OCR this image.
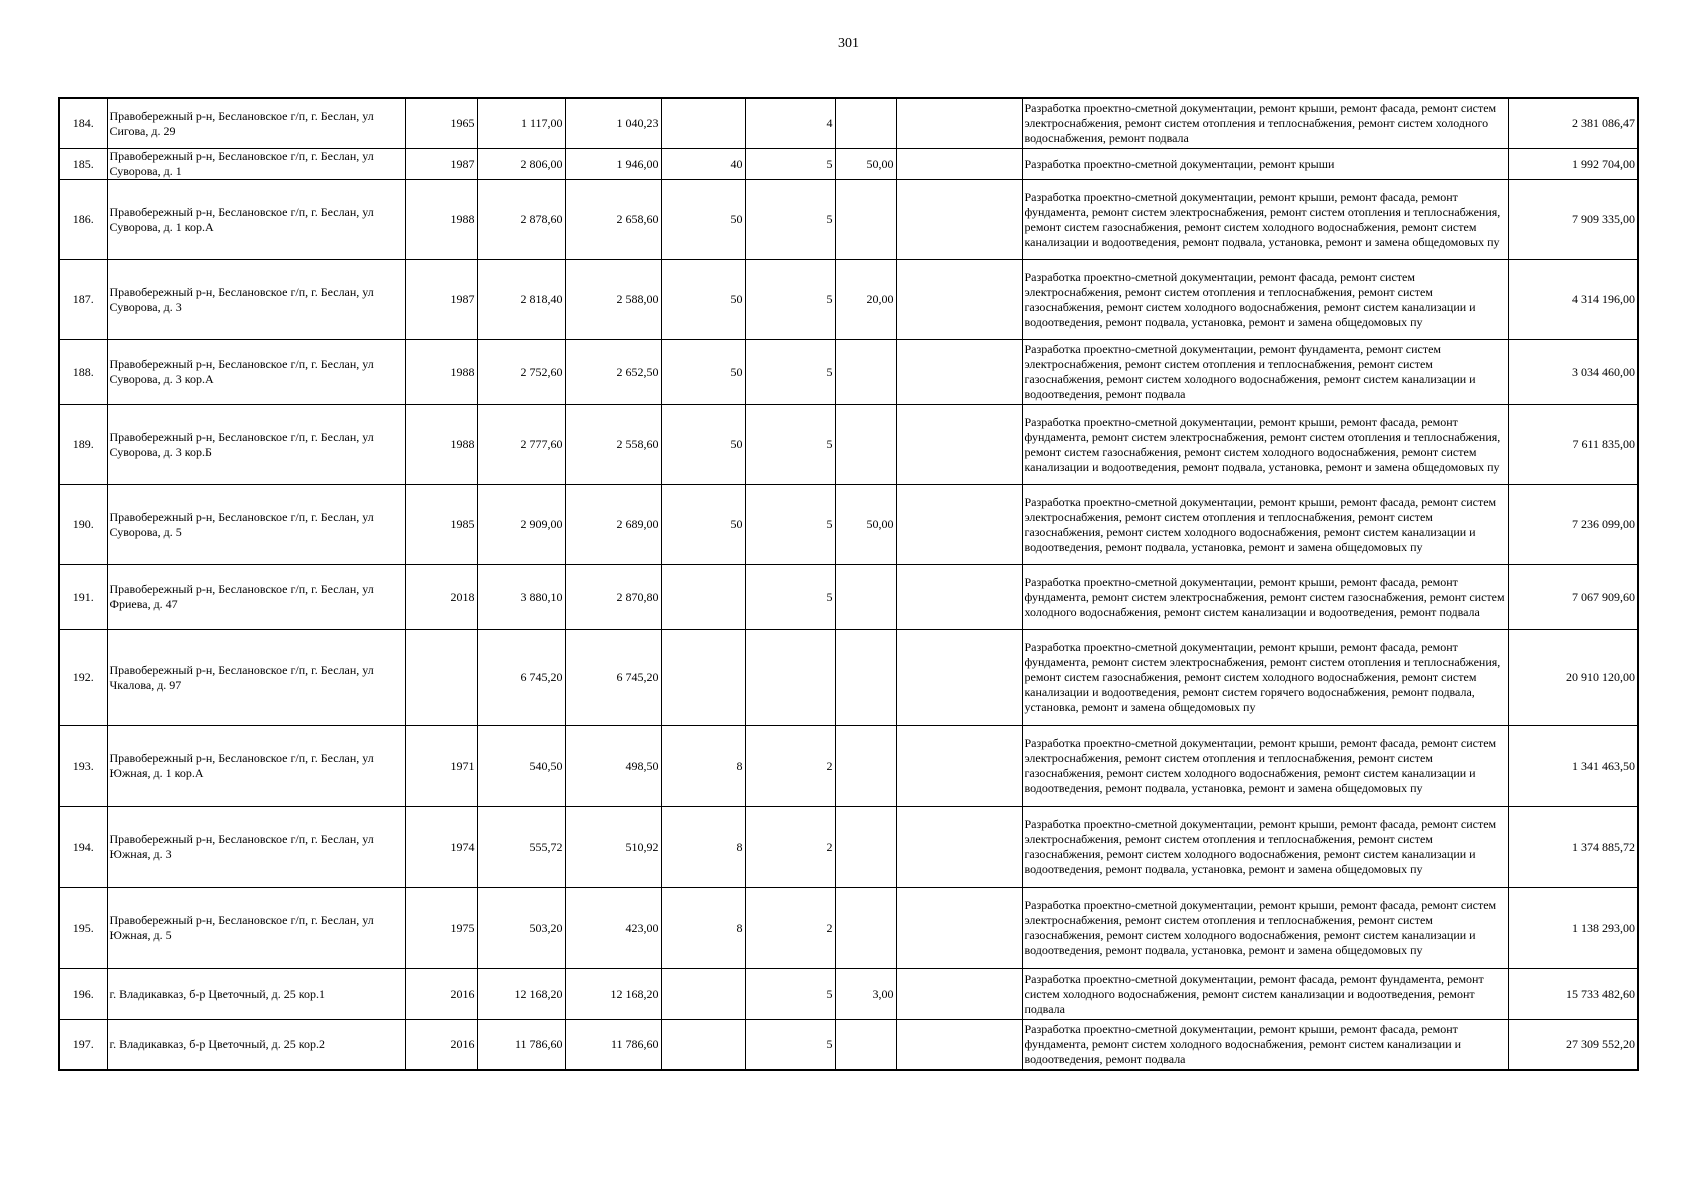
301
184.	Правобережный р-н, Беслановское г/п, г. Беслан, ул Сигова, д. 29	1965	1 117,00	1 040,23		4			Разработка проектно-сметной документации, ремонт крыши, ремонт фасада, ремонт систем электроснабжения, ремонт систем отопления и теплоснабжения, ремонт систем холодного водоснабжения, ремонт подвала	2 381 086,47
185.	Правобережный р-н, Беслановское г/п, г. Беслан, ул Суворова, д. 1	1987	2 806,00	1 946,00	40	5	50,00		Разработка проектно-сметной документации, ремонт крыши	1 992 704,00
186.	Правобережный р-н, Беслановское г/п, г. Беслан, ул Суворова, д. 1 кор.А	1988	2 878,60	2 658,60	50	5			Разработка проектно-сметной документации, ремонт крыши, ремонт фасада, ремонт фундамента, ремонт систем электроснабжения, ремонт систем отопления и теплоснабжения, ремонт систем газоснабжения, ремонт систем холодного водоснабжения, ремонт систем канализации и водоотведения, ремонт подвала, установка, ремонт и замена общедомовых пу	7 909 335,00
187.	Правобережный р-н, Беслановское г/п, г. Беслан, ул Суворова, д. 3	1987	2 818,40	2 588,00	50	5	20,00		Разработка проектно-сметной документации, ремонт фасада, ремонт систем электроснабжения, ремонт систем отопления и теплоснабжения, ремонт систем газоснабжения, ремонт систем холодного водоснабжения, ремонт систем канализации и водоотведения, ремонт подвала, установка, ремонт и замена общедомовых пу	4 314 196,00
188.	Правобережный р-н, Беслановское г/п, г. Беслан, ул Суворова, д. 3 кор.А	1988	2 752,60	2 652,50	50	5			Разработка проектно-сметной документации, ремонт фундамента, ремонт систем электроснабжения, ремонт систем отопления и теплоснабжения, ремонт систем газоснабжения, ремонт систем холодного водоснабжения, ремонт систем канализации и водоотведения, ремонт подвала	3 034 460,00
189.	Правобережный р-н, Беслановское г/п, г. Беслан, ул Суворова, д. 3 кор.Б	1988	2 777,60	2 558,60	50	5			Разработка проектно-сметной документации, ремонт крыши, ремонт фасада, ремонт фундамента, ремонт систем электроснабжения, ремонт систем отопления и теплоснабжения, ремонт систем газоснабжения, ремонт систем холодного водоснабжения, ремонт систем канализации и водоотведения, ремонт подвала, установка, ремонт и замена общедомовых пу	7 611 835,00
190.	Правобережный р-н, Беслановское г/п, г. Беслан, ул Суворова, д. 5	1985	2 909,00	2 689,00	50	5	50,00		Разработка проектно-сметной документации, ремонт крыши, ремонт фасада, ремонт систем электроснабжения, ремонт систем отопления и теплоснабжения, ремонт систем газоснабжения, ремонт систем холодного водоснабжения, ремонт систем канализации и водоотведения, ремонт подвала, установка, ремонт и замена общедомовых пу	7 236 099,00
191.	Правобережный р-н, Беслановское г/п, г. Беслан, ул Фриева, д. 47	2018	3 880,10	2 870,80		5			Разработка проектно-сметной документации, ремонт крыши, ремонт фасада, ремонт фундамента, ремонт систем электроснабжения, ремонт систем газоснабжения, ремонт систем холодного водоснабжения, ремонт систем канализации и водоотведения, ремонт подвала	7 067 909,60
192.	Правобережный р-н, Беслановское г/п, г. Беслан, ул Чкалова, д. 97		6 745,20	6 745,20					Разработка проектно-сметной документации, ремонт крыши, ремонт фасада, ремонт фундамента, ремонт систем электроснабжения, ремонт систем отопления и теплоснабжения, ремонт систем газоснабжения, ремонт систем холодного водоснабжения, ремонт систем канализации и водоотведения, ремонт систем горячего водоснабжения, ремонт подвала, установка, ремонт и замена общедомовых пу	20 910 120,00
193.	Правобережный р-н, Беслановское г/п, г. Беслан, ул Южная, д. 1 кор.А	1971	540,50	498,50	8	2			Разработка проектно-сметной документации, ремонт крыши, ремонт фасада, ремонт систем электроснабжения, ремонт систем отопления и теплоснабжения, ремонт систем газоснабжения, ремонт систем холодного водоснабжения, ремонт систем канализации и водоотведения, ремонт подвала, установка, ремонт и замена общедомовых пу	1 341 463,50
194.	Правобережный р-н, Беслановское г/п, г. Беслан, ул Южная, д. 3	1974	555,72	510,92	8	2			Разработка проектно-сметной документации, ремонт крыши, ремонт фасада, ремонт систем электроснабжения, ремонт систем отопления и теплоснабжения, ремонт систем газоснабжения, ремонт систем холодного водоснабжения, ремонт систем канализации и водоотведения, ремонт подвала, установка, ремонт и замена общедомовых пу	1 374 885,72
195.	Правобережный р-н, Беслановское г/п, г. Беслан, ул Южная, д. 5	1975	503,20	423,00	8	2			Разработка проектно-сметной документации, ремонт крыши, ремонт фасада, ремонт систем электроснабжения, ремонт систем отопления и теплоснабжения, ремонт систем газоснабжения, ремонт систем холодного водоснабжения, ремонт систем канализации и водоотведения, ремонт подвала, установка, ремонт и замена общедомовых пу	1 138 293,00
196.	г. Владикавказ, б-р Цветочный, д. 25 кор.1	2016	12 168,20	12 168,20		5	3,00		Разработка проектно-сметной документации, ремонт фасада, ремонт фундамента, ремонт систем холодного водоснабжения, ремонт систем канализации и водоотведения, ремонт подвала	15 733 482,60
197.	г. Владикавказ, б-р Цветочный, д. 25 кор.2	2016	11 786,60	11 786,60		5			Разработка проектно-сметной документации, ремонт крыши, ремонт фасада, ремонт фундамента, ремонт систем холодного водоснабжения, ремонт систем канализации и водоотведения, ремонт подвала	27 309 552,20
